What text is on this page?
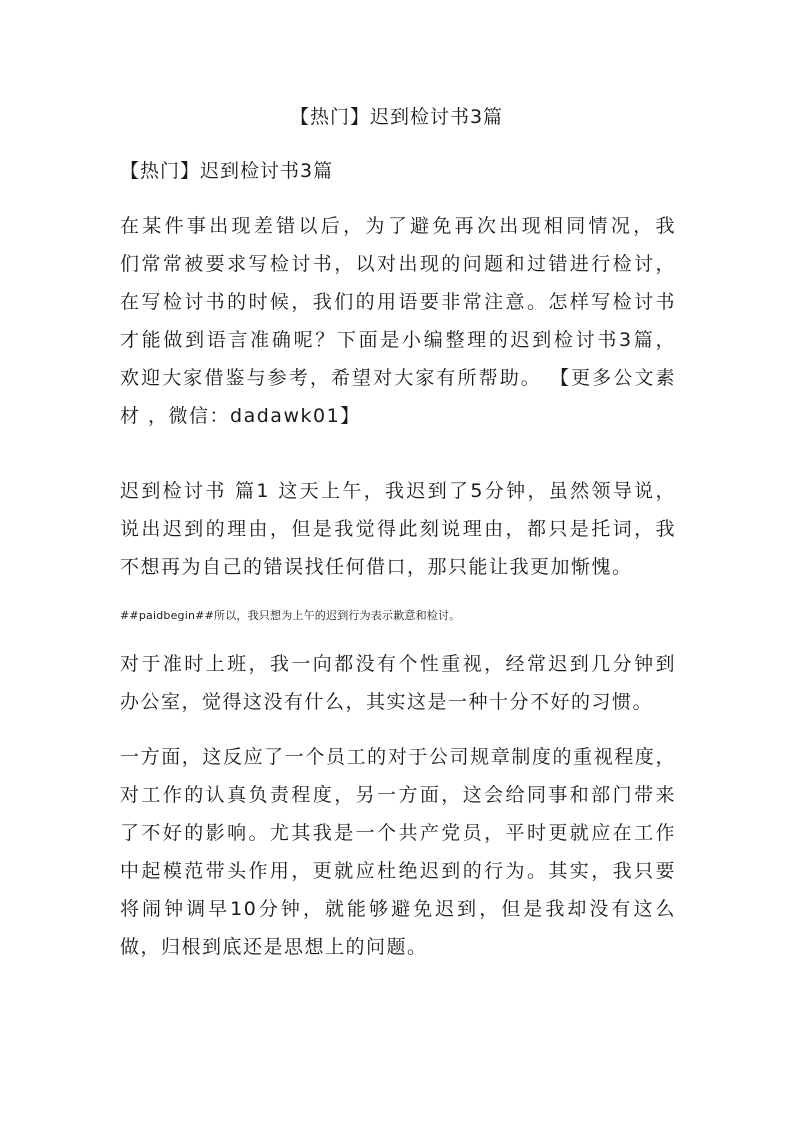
【热门】迟到检讨书3篇
【热门】迟到检讨书3篇
在某件事出现差错以后，为了避免再次出现相同情况，我
们常常被要求写检讨书，以对出现的问题和过错进行检讨，
在写检讨书的时候，我们的用语要非常注意。怎样写检讨书
才能做到语言准确呢？下面是小编整理的迟到检讨书3篇，
欢迎大家借鉴与参考，希望对大家有所帮助。 【更多公文素
材 ，微信：dadawk01】
迟到检讨书 篇1 这天上午，我迟到了5分钟，虽然领导说，
说出迟到的理由，但是我觉得此刻说理由，都只是托词，我
不想再为自己的错误找任何借口，那只能让我更加惭愧。
##paidbegin##所以，我只想为上午的迟到行为表示歉意和检讨。
对于准时上班，我一向都没有个性重视，经常迟到几分钟到
办公室，觉得这没有什么，其实这是一种十分不好的习惯。
一方面，这反应了一个员工的对于公司规章制度的重视程度，
对工作的认真负责程度，另一方面，这会给同事和部门带来
了不好的影响。尤其我是一个共产党员，平时更就应在工作
中起模范带头作用，更就应杜绝迟到的行为。其实，我只要
将闹钟调早10分钟，就能够避免迟到，但是我却没有这么
做，归根到底还是思想上的问题。
